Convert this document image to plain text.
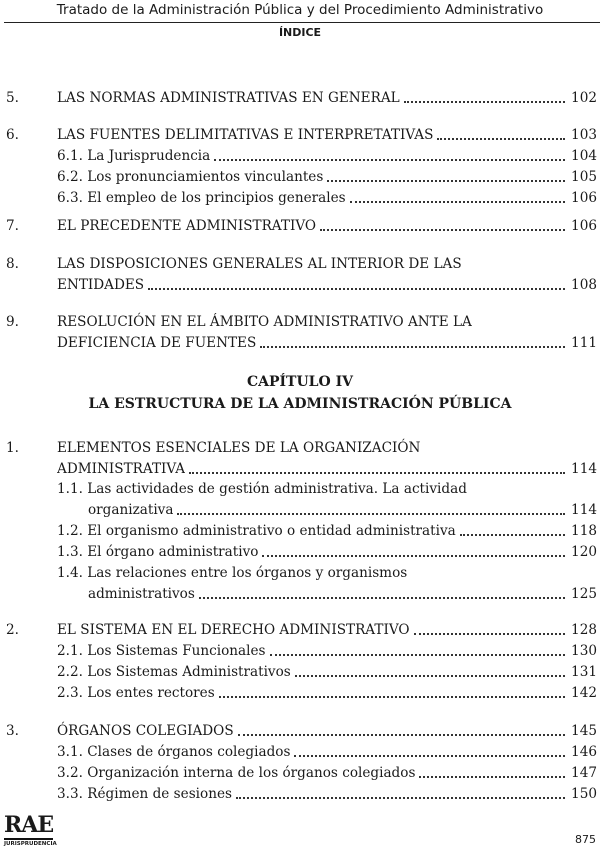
Tratado de la Administración Pública y del Procedimiento Administrativo
ÍNDICE
5.	LAS NORMAS ADMINISTRATIVAS EN GENERAL	102
6.	LAS FUENTES DELIMITATIVAS E INTERPRETATIVAS	103
6.1. La Jurisprudencia	104
6.2. Los pronunciamientos vinculantes	105
6.3. El empleo de los principios generales	106
7.	EL PRECEDENTE ADMINISTRATIVO	106
8.	LAS DISPOSICIONES GENERALES AL INTERIOR DE LAS
ENTIDADES	108
9.	RESOLUCIÓN EN EL ÁMBITO ADMINISTRATIVO ANTE LA
DEFICIENCIA DE FUENTES	111
CAPÍTULO IV
LA ESTRUCTURA DE LA ADMINISTRACIÓN PÚBLICA
1.	ELEMENTOS ESENCIALES DE LA ORGANIZACIÓN
ADMINISTRATIVA	114
1.1. Las actividades de gestión administrativa. La actividad
organizativa	114
1.2. El organismo administrativo o entidad administrativa	118
1.3. El órgano administrativo	120
1.4. Las relaciones entre los órganos y organismos
administrativos	125
2.	EL SISTEMA EN EL DERECHO ADMINISTRATIVO	128
2.1. Los Sistemas Funcionales	130
2.2. Los Sistemas Administrativos	131
2.3. Los entes rectores	142
3.	ÓRGANOS COLEGIADOS	145
3.1. Clases de órganos colegiados	146
3.2. Organización interna de los órganos colegiados	147
3.3. Régimen de sesiones	150
RAE
JURISPRUDENCIA	875
